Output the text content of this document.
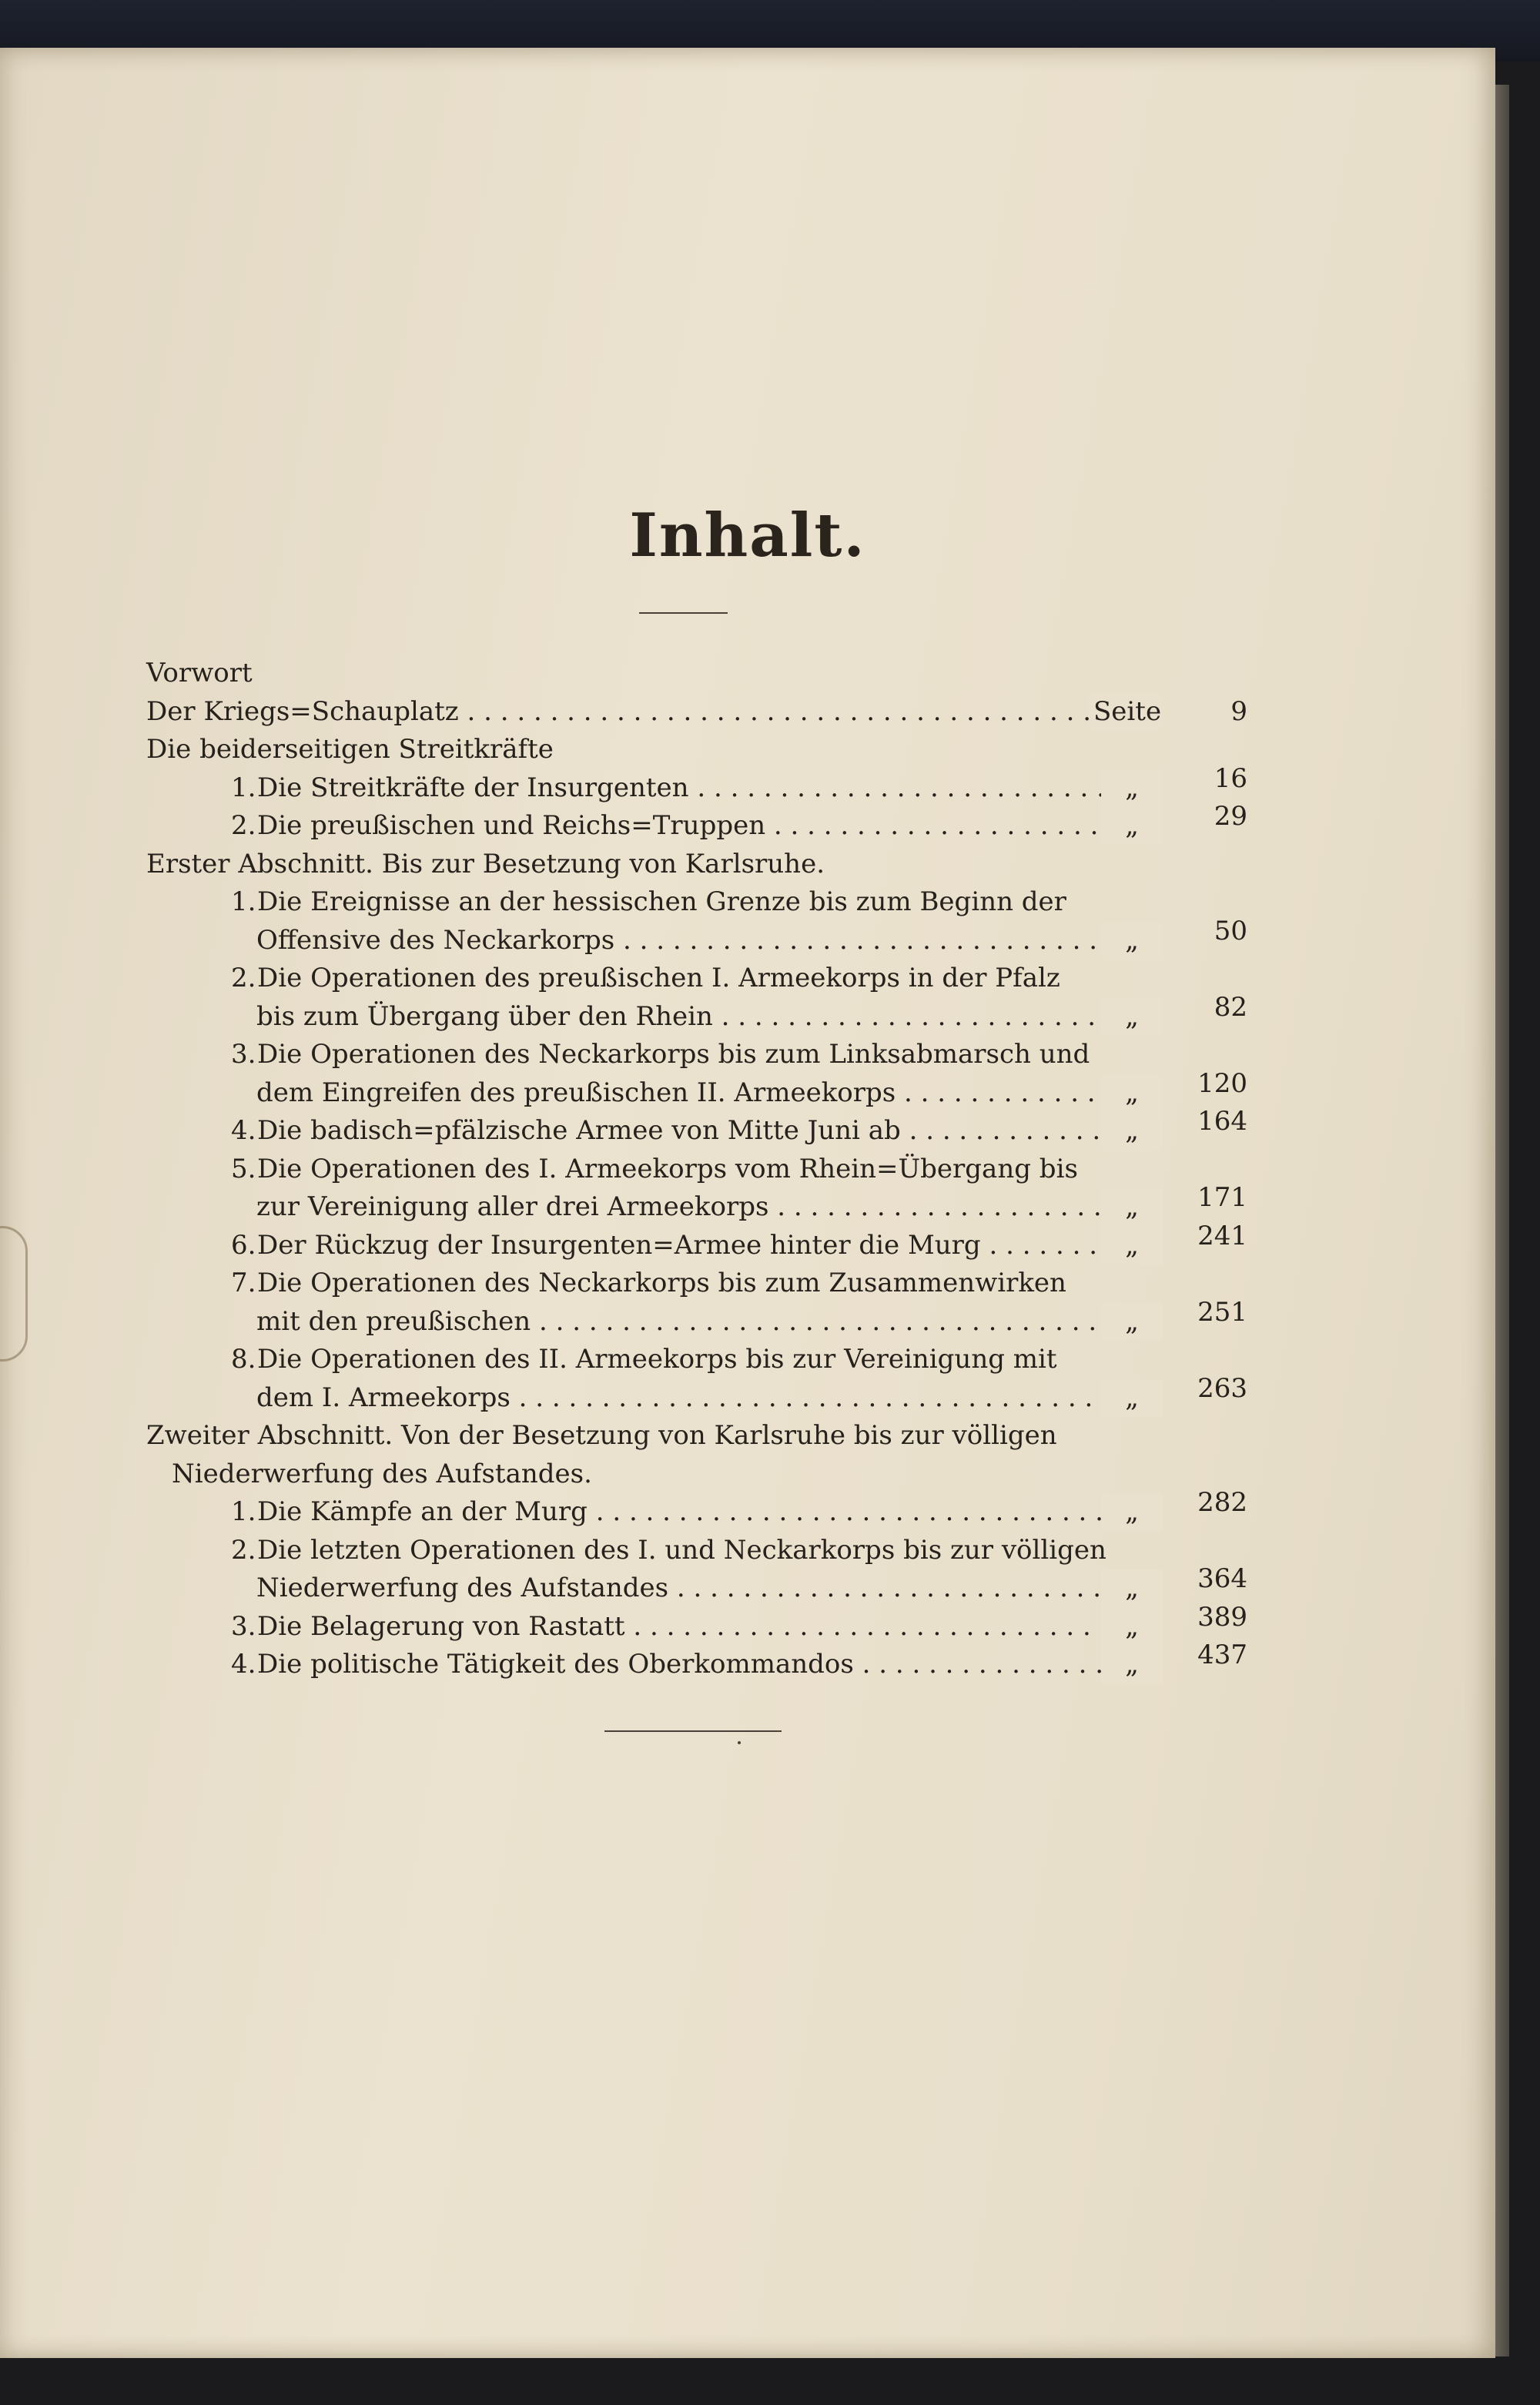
Inhalt.
Vorwort
Der Kriegs=Schauplatz . . .	Seite	9
Die beiderseitigen Streitkräfte
1.Die Streitkräfte der Insurgenten . . .	„	16
2.Die preußischen und Reichs=Truppen . . .	„	29
Erster Abschnitt. Bis zur Besetzung von Karlsruhe.
1.Die Ereignisse an der hessischen Grenze bis zum Beginn der
Offensive des Neckarkorps . . .	„	50
2.Die Operationen des preußischen I. Armeekorps in der Pfalz
bis zum Übergang über den Rhein . . .	„	82
3.Die Operationen des Neckarkorps bis zum Linksabmarsch und
dem Eingreifen des preußischen II. Armeekorps . . .	„	120
4.Die badisch=pfälzische Armee von Mitte Juni ab . . .	„	164
5.Die Operationen des I. Armeekorps vom Rhein=Übergang bis
zur Vereinigung aller drei Armeekorps . . .	„	171
6.Der Rückzug der Insurgenten=Armee hinter die Murg . . .	„	241
7.Die Operationen des Neckarkorps bis zum Zusammenwirken
mit den preußischen . . .	„	251
8.Die Operationen des II. Armeekorps bis zur Vereinigung mit
dem I. Armeekorps . . .	„	263
Zweiter Abschnitt. Von der Besetzung von Karlsruhe bis zur völligen
Niederwerfung des Aufstandes.
1.Die Kämpfe an der Murg . . .	„	282
2.Die letzten Operationen des I. und Neckarkorps bis zur völligen
Niederwerfung des Aufstandes . . .	„	364
3.Die Belagerung von Rastatt . . .	„	389
4.Die politische Tätigkeit des Oberkommandos . . .	„	437
